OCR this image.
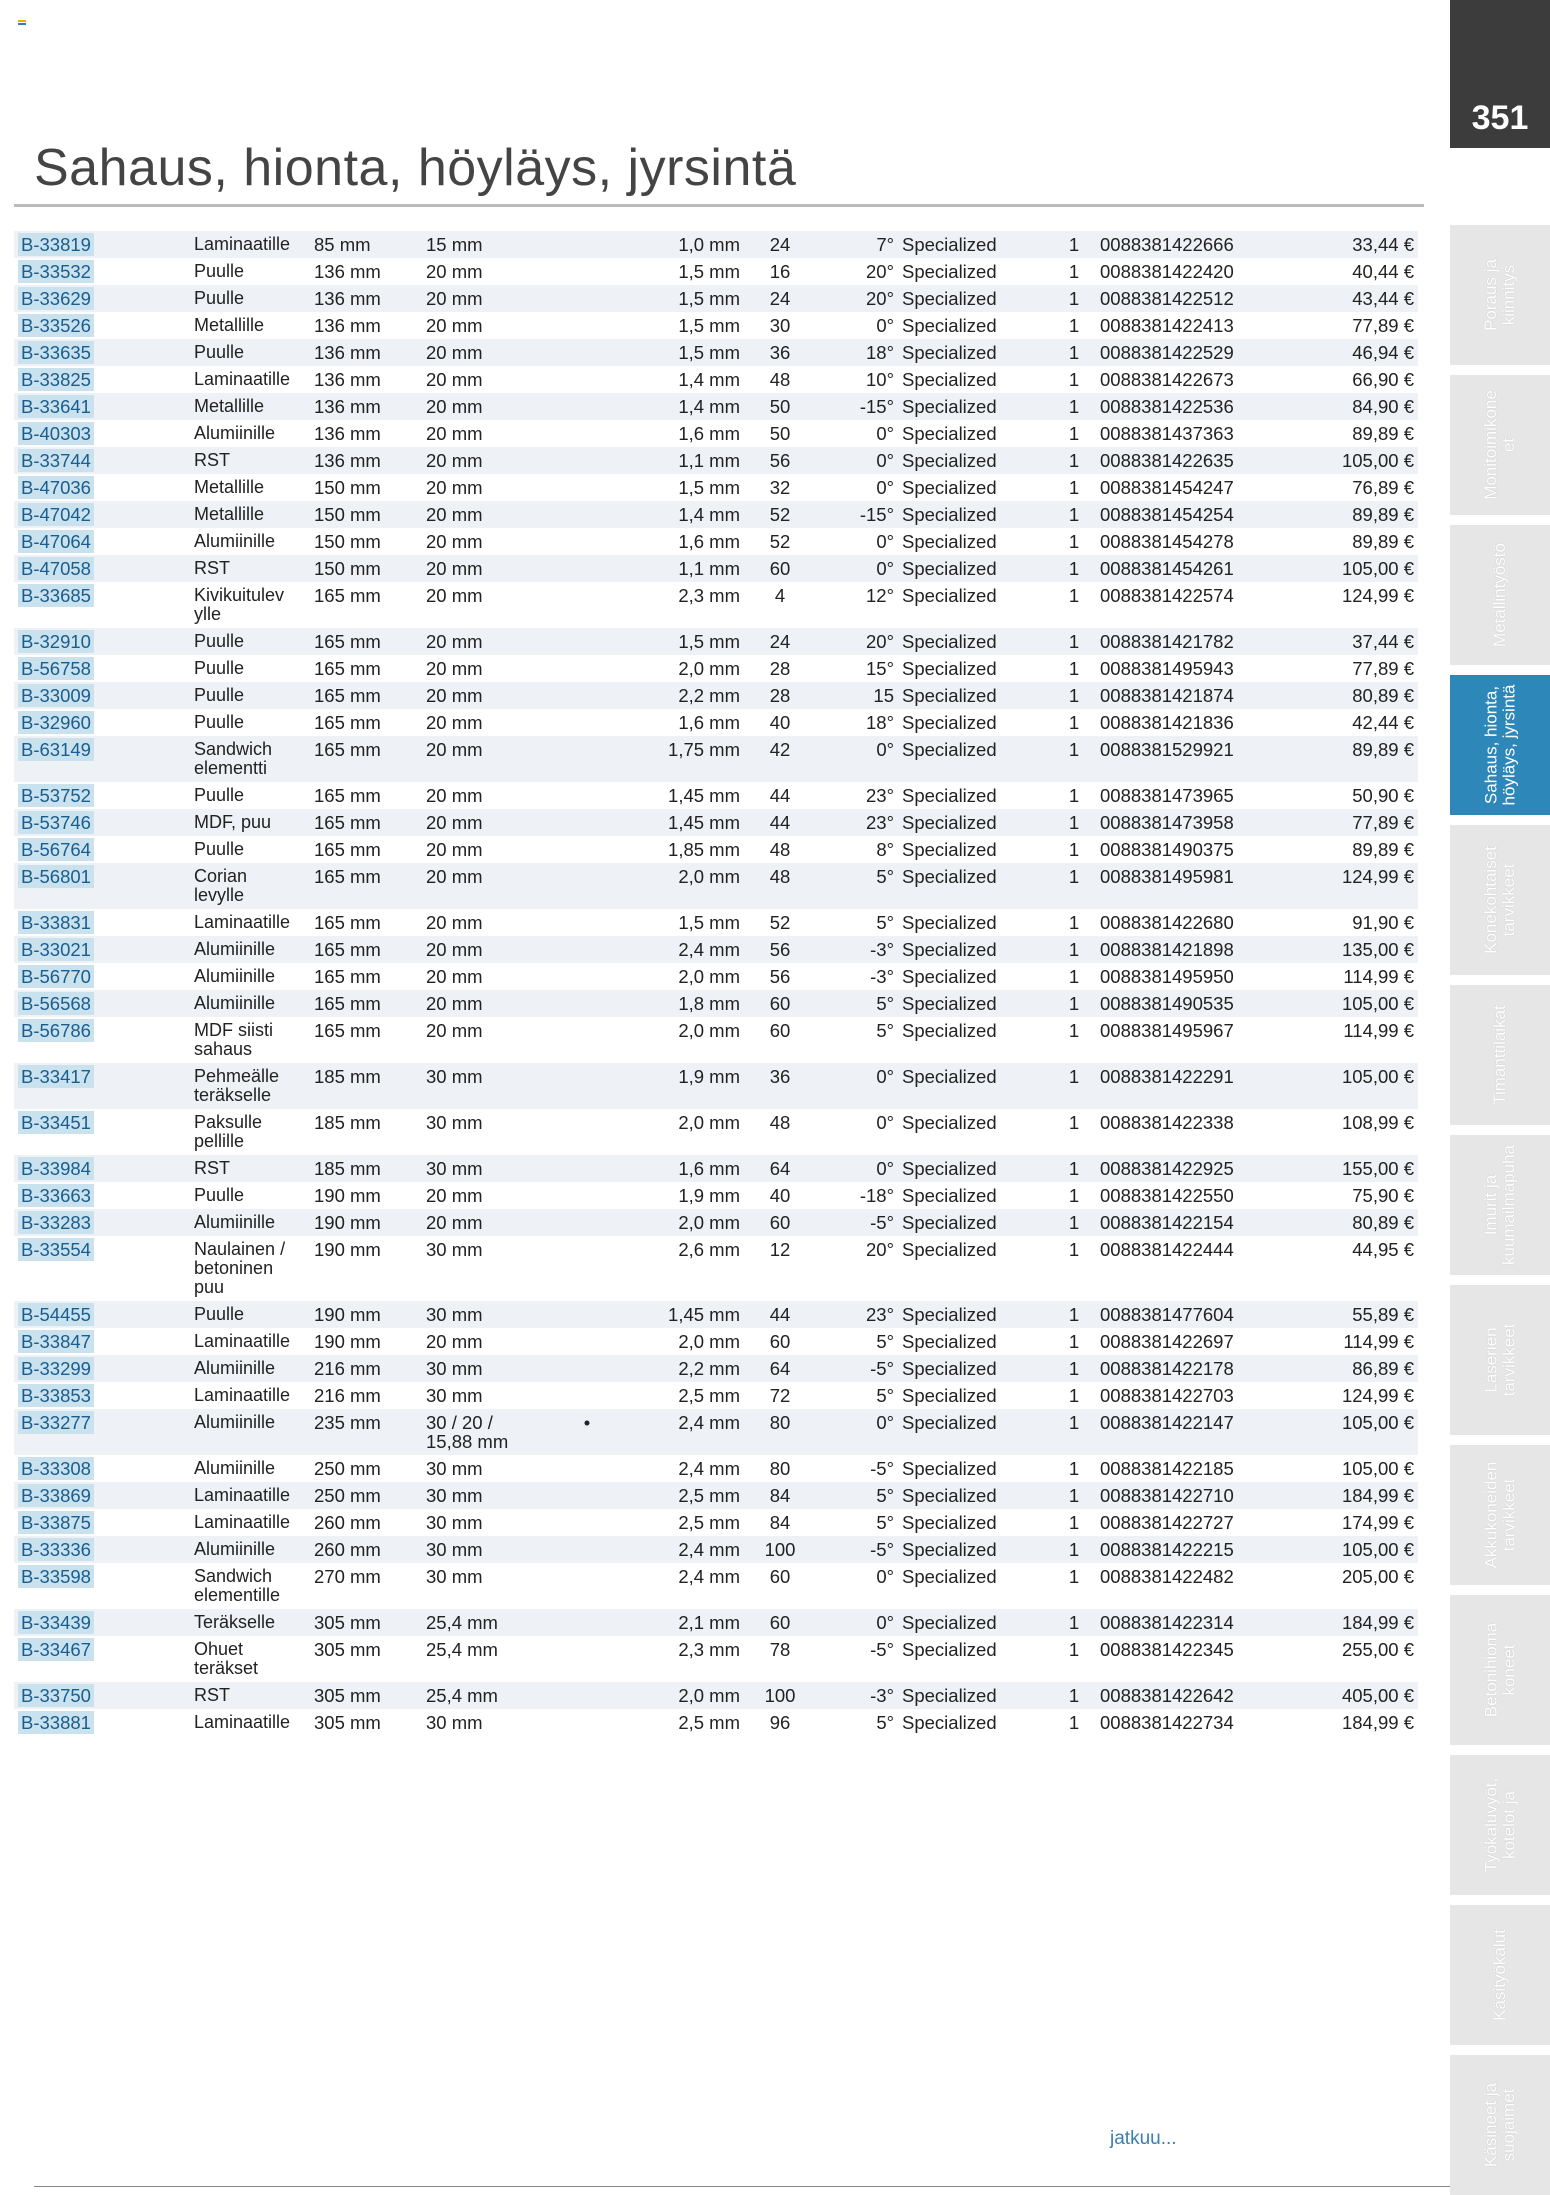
351
Sahaus, hionta, höyläys, jyrsintä
B-33819	Laminaatille	85 mm	15 mm		1,0 mm	24	7°	Specialized	1	0088381422666	33,44 €
B-33532	Puulle	136 mm	20 mm		1,5 mm	16	20°	Specialized	1	0088381422420	40,44 €
B-33629	Puulle	136 mm	20 mm		1,5 mm	24	20°	Specialized	1	0088381422512	43,44 €
B-33526	Metallille	136 mm	20 mm		1,5 mm	30	0°	Specialized	1	0088381422413	77,89 €
B-33635	Puulle	136 mm	20 mm		1,5 mm	36	18°	Specialized	1	0088381422529	46,94 €
B-33825	Laminaatille	136 mm	20 mm		1,4 mm	48	10°	Specialized	1	0088381422673	66,90 €
B-33641	Metallille	136 mm	20 mm		1,4 mm	50	-15°	Specialized	1	0088381422536	84,90 €
B-40303	Alumiinille	136 mm	20 mm		1,6 mm	50	0°	Specialized	1	0088381437363	89,89 €
B-33744	RST	136 mm	20 mm		1,1 mm	56	0°	Specialized	1	0088381422635	105,00 €
B-47036	Metallille	150 mm	20 mm		1,5 mm	32	0°	Specialized	1	0088381454247	76,89 €
B-47042	Metallille	150 mm	20 mm		1,4 mm	52	-15°	Specialized	1	0088381454254	89,89 €
B-47064	Alumiinille	150 mm	20 mm		1,6 mm	52	0°	Specialized	1	0088381454278	89,89 €
B-47058	RST	150 mm	20 mm		1,1 mm	60	0°	Specialized	1	0088381454261	105,00 €
B-33685	Kivikuitulev
ylle	165 mm	20 mm		2,3 mm	4	12°	Specialized	1	0088381422574	124,99 €
B-32910	Puulle	165 mm	20 mm		1,5 mm	24	20°	Specialized	1	0088381421782	37,44 €
B-56758	Puulle	165 mm	20 mm		2,0 mm	28	15°	Specialized	1	0088381495943	77,89 €
B-33009	Puulle	165 mm	20 mm		2,2 mm	28	15	Specialized	1	0088381421874	80,89 €
B-32960	Puulle	165 mm	20 mm		1,6 mm	40	18°	Specialized	1	0088381421836	42,44 €
B-63149	Sandwich
elementti	165 mm	20 mm		1,75 mm	42	0°	Specialized	1	0088381529921	89,89 €
B-53752	Puulle	165 mm	20 mm		1,45 mm	44	23°	Specialized	1	0088381473965	50,90 €
B-53746	MDF, puu	165 mm	20 mm		1,45 mm	44	23°	Specialized	1	0088381473958	77,89 €
B-56764	Puulle	165 mm	20 mm		1,85 mm	48	8°	Specialized	1	0088381490375	89,89 €
B-56801	Corian
levylle	165 mm	20 mm		2,0 mm	48	5°	Specialized	1	0088381495981	124,99 €
B-33831	Laminaatille	165 mm	20 mm		1,5 mm	52	5°	Specialized	1	0088381422680	91,90 €
B-33021	Alumiinille	165 mm	20 mm		2,4 mm	56	-3°	Specialized	1	0088381421898	135,00 €
B-56770	Alumiinille	165 mm	20 mm		2,0 mm	56	-3°	Specialized	1	0088381495950	114,99 €
B-56568	Alumiinille	165 mm	20 mm		1,8 mm	60	5°	Specialized	1	0088381490535	105,00 €
B-56786	MDF siisti
sahaus	165 mm	20 mm		2,0 mm	60	5°	Specialized	1	0088381495967	114,99 €
B-33417	Pehmeälle
teräkselle	185 mm	30 mm		1,9 mm	36	0°	Specialized	1	0088381422291	105,00 €
B-33451	Paksulle
pellille	185 mm	30 mm		2,0 mm	48	0°	Specialized	1	0088381422338	108,99 €
B-33984	RST	185 mm	30 mm		1,6 mm	64	0°	Specialized	1	0088381422925	155,00 €
B-33663	Puulle	190 mm	20 mm		1,9 mm	40	-18°	Specialized	1	0088381422550	75,90 €
B-33283	Alumiinille	190 mm	20 mm		2,0 mm	60	-5°	Specialized	1	0088381422154	80,89 €
B-33554	Naulainen /
betoninen
puu	190 mm	30 mm		2,6 mm	12	20°	Specialized	1	0088381422444	44,95 €
B-54455	Puulle	190 mm	30 mm		1,45 mm	44	23°	Specialized	1	0088381477604	55,89 €
B-33847	Laminaatille	190 mm	20 mm		2,0 mm	60	5°	Specialized	1	0088381422697	114,99 €
B-33299	Alumiinille	216 mm	30 mm		2,2 mm	64	-5°	Specialized	1	0088381422178	86,89 €
B-33853	Laminaatille	216 mm	30 mm		2,5 mm	72	5°	Specialized	1	0088381422703	124,99 €
B-33277	Alumiinille	235 mm	30 / 20 /
15,88 mm	•	2,4 mm	80	0°	Specialized	1	0088381422147	105,00 €
B-33308	Alumiinille	250 mm	30 mm		2,4 mm	80	-5°	Specialized	1	0088381422185	105,00 €
B-33869	Laminaatille	250 mm	30 mm		2,5 mm	84	5°	Specialized	1	0088381422710	184,99 €
B-33875	Laminaatille	260 mm	30 mm		2,5 mm	84	5°	Specialized	1	0088381422727	174,99 €
B-33336	Alumiinille	260 mm	30 mm		2,4 mm	100	-5°	Specialized	1	0088381422215	105,00 €
B-33598	Sandwich
elementille	270 mm	30 mm		2,4 mm	60	0°	Specialized	1	0088381422482	205,00 €
B-33439	Teräkselle	305 mm	25,4 mm		2,1 mm	60	0°	Specialized	1	0088381422314	184,99 €
B-33467	Ohuet
teräkset	305 mm	25,4 mm		2,3 mm	78	-5°	Specialized	1	0088381422345	255,00 €
B-33750	RST	305 mm	25,4 mm		2,0 mm	100	-3°	Specialized	1	0088381422642	405,00 €
B-33881	Laminaatille	305 mm	30 mm		2,5 mm	96	5°	Specialized	1	0088381422734	184,99 €
jatkuu...
Poraus ja
kiinnitys
Monitoimikone
et
Metallintyöstö
Sahaus, hionta,
höyläys, jyrsintä
Konekohtaiset
tarvikkeet
Timanttilaikat
Imurit ja
kuumailmapuha
Laserien
tarvikkeet
Akkukoneiden
tarvikkeet
Betonihioma
koneet
Työkaluvyöt,
kotelot ja
Käsityökalut
Käsineet ja
suojaimet
